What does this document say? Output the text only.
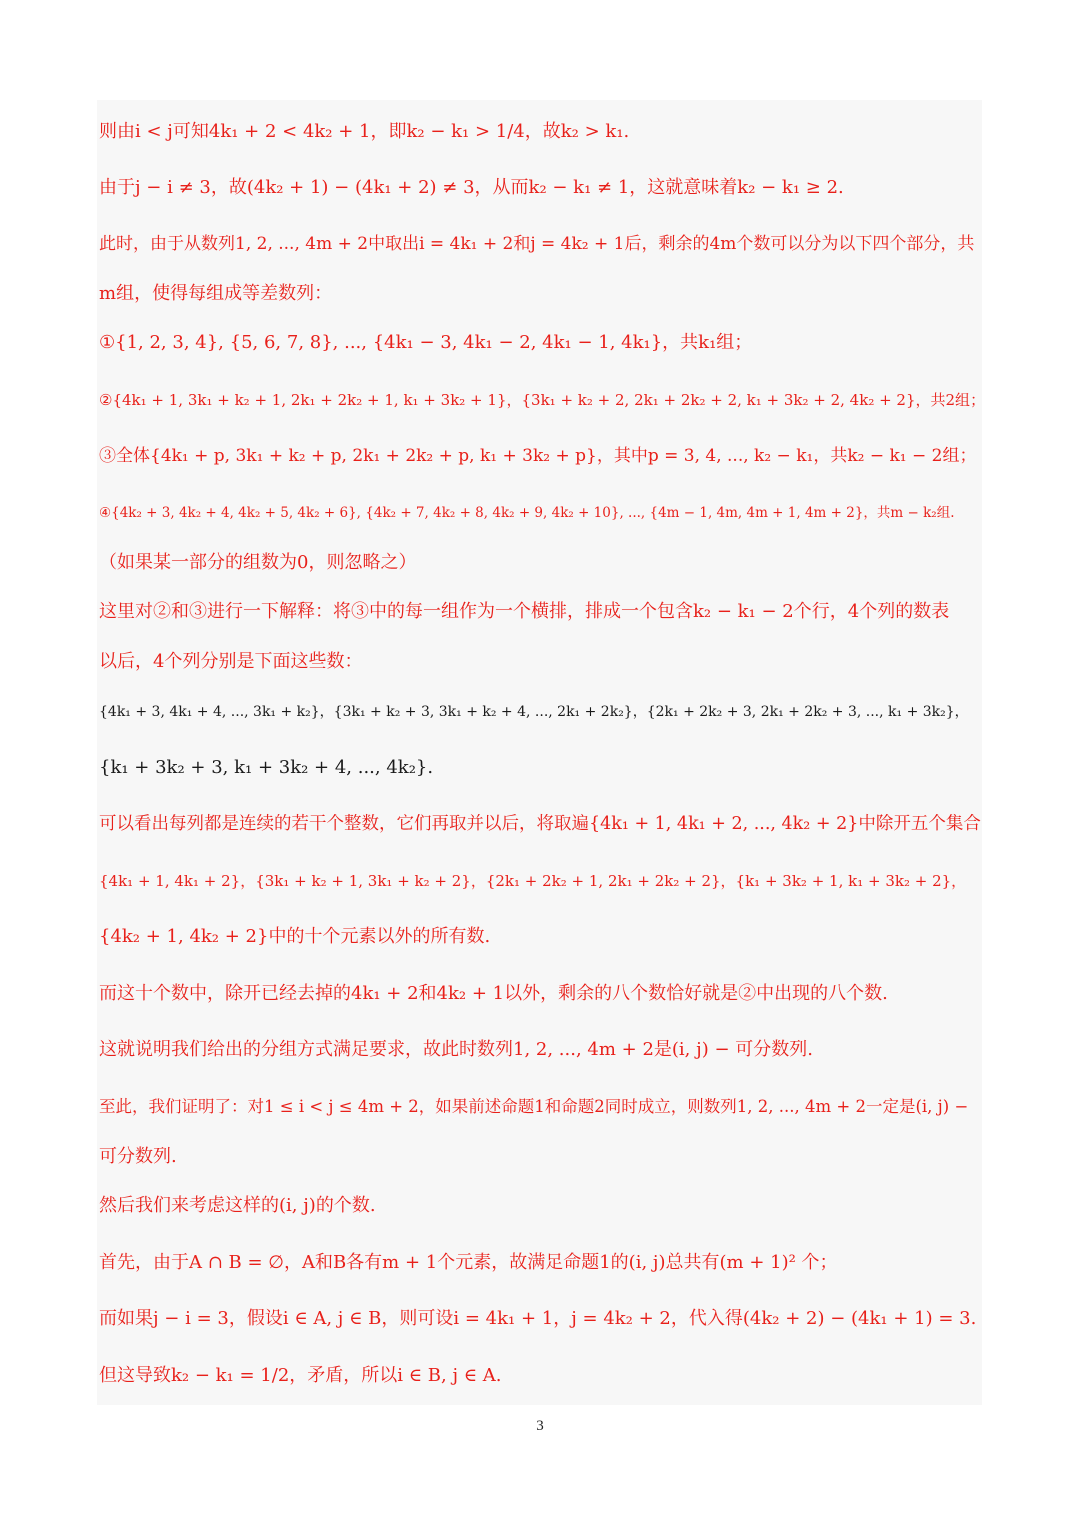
则由i < j可知4k₁ + 2 < 4k₂ + 1，即k₂ − k₁ > 1/4，故k₂ > k₁.
由于j − i ≠ 3，故(4k₂ + 1) − (4k₁ + 2) ≠ 3，从而k₂ − k₁ ≠ 1，这就意味着k₂ − k₁ ≥ 2.
此时，由于从数列1, 2, ..., 4m + 2中取出i = 4k₁ + 2和j = 4k₂ + 1后，剩余的4m个数可以分为以下四个部分，共
m组，使得每组成等差数列：
①{1, 2, 3, 4}, {5, 6, 7, 8}, ..., {4k₁ − 3, 4k₁ − 2, 4k₁ − 1, 4k₁}，共k₁组；
②{4k₁ + 1, 3k₁ + k₂ + 1, 2k₁ + 2k₂ + 1, k₁ + 3k₂ + 1}，{3k₁ + k₂ + 2, 2k₁ + 2k₂ + 2, k₁ + 3k₂ + 2, 4k₂ + 2}，共2组；
③全体{4k₁ + p, 3k₁ + k₂ + p, 2k₁ + 2k₂ + p, k₁ + 3k₂ + p}，其中p = 3, 4, ..., k₂ − k₁，共k₂ − k₁ − 2组；
④{4k₂ + 3, 4k₂ + 4, 4k₂ + 5, 4k₂ + 6}, {4k₂ + 7, 4k₂ + 8, 4k₂ + 9, 4k₂ + 10}, ..., {4m − 1, 4m, 4m + 1, 4m + 2}，共m − k₂组.
（如果某一部分的组数为0，则忽略之）
这里对②和③进行一下解释：将③中的每一组作为一个横排，排成一个包含k₂ − k₁ − 2个行，4个列的数表
以后，4个列分别是下面这些数：
{4k₁ + 3, 4k₁ + 4, ..., 3k₁ + k₂}，{3k₁ + k₂ + 3, 3k₁ + k₂ + 4, ..., 2k₁ + 2k₂}，{2k₁ + 2k₂ + 3, 2k₁ + 2k₂ + 3, ..., k₁ + 3k₂}，
{k₁ + 3k₂ + 3, k₁ + 3k₂ + 4, ..., 4k₂}.
可以看出每列都是连续的若干个整数，它们再取并以后，将取遍{4k₁ + 1, 4k₁ + 2, ..., 4k₂ + 2}中除开五个集合
{4k₁ + 1, 4k₁ + 2}，{3k₁ + k₂ + 1, 3k₁ + k₂ + 2}，{2k₁ + 2k₂ + 1, 2k₁ + 2k₂ + 2}，{k₁ + 3k₂ + 1, k₁ + 3k₂ + 2}，
{4k₂ + 1, 4k₂ + 2}中的十个元素以外的所有数.
而这十个数中，除开已经去掉的4k₁ + 2和4k₂ + 1以外，剩余的八个数恰好就是②中出现的八个数.
这就说明我们给出的分组方式满足要求，故此时数列1, 2, ..., 4m + 2是(i, j) − 可分数列.
至此，我们证明了：对1 ≤ i < j ≤ 4m + 2，如果前述命题1和命题2同时成立，则数列1, 2, ..., 4m + 2一定是(i, j) −
可分数列.
然后我们来考虑这样的(i, j)的个数.
首先，由于A ∩ B = ∅，A和B各有m + 1个元素，故满足命题1的(i, j)总共有(m + 1)² 个；
而如果j − i = 3，假设i ∈ A, j ∈ B，则可设i = 4k₁ + 1，j = 4k₂ + 2，代入得(4k₂ + 2) − (4k₁ + 1) = 3.
但这导致k₂ − k₁ = 1/2，矛盾，所以i ∈ B, j ∈ A.
3
